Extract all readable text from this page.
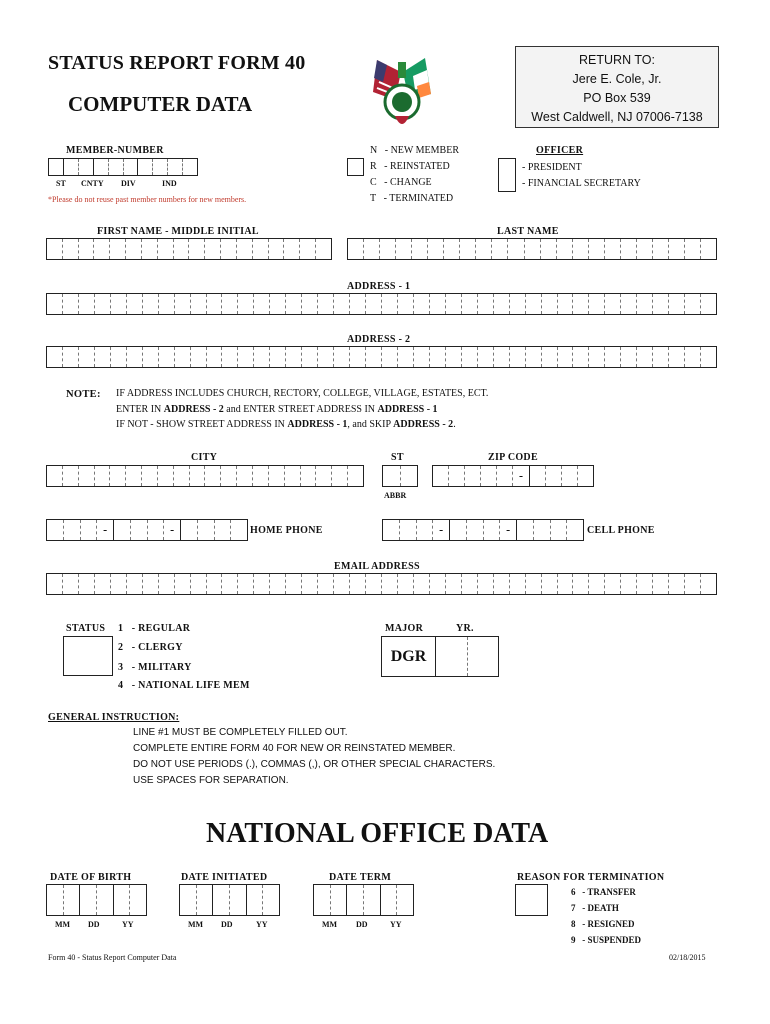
STATUS REPORT FORM 40
COMPUTER DATA
RETURN TO:
Jere E. Cole, Jr.
PO Box 539
West Caldwell, NJ 07006-7138
MEMBER-NUMBER
ST CNTY DIV	IND
*Please do not reuse past member numbers for new members.
N - NEW MEMBER
R - REINSTATED
C - CHANGE
T - TERMINATED
OFFICER
- PRESIDENT
- FINANCIAL SECRETARY
FIRST NAME - MIDDLE INITIAL	LAST NAME
ADDRESS - 1
ADDRESS - 2
NOTE: IF ADDRESS INCLUDES CHURCH, RECTORY, COLLEGE, VILLAGE, ESTATES, ECT.
ENTER IN ADDRESS - 2 and ENTER STREET ADDRESS IN ADDRESS - 1
IF NOT - SHOW STREET ADDRESS IN ADDRESS - 1, and SKIP ADDRESS - 2.
CITY	ST	ZIP CODE
ABBR
-
-	-	HOME PHONE	-	-	CELL PHONE
EMAIL ADDRESS
STATUS 1 - REGULAR
2 - CLERGY
3 - MILITARY
4 - NATIONAL LIFE MEM
MAJOR	YR.
DGR
GENERAL INSTRUCTION:
LINE #1 MUST BE COMPLETELY FILLED OUT.
COMPLETE ENTIRE FORM 40 FOR NEW OR REINSTATED MEMBER.
DO NOT USE PERIODS (.), COMMAS (,), OR OTHER SPECIAL CHARACTERS.
USE SPACES FOR SEPARATION.
NATIONAL OFFICE DATA
DATE OF BIRTH
MM DD	YY
DATE INITIATED
MM DD	YY
DATE TERM
MM DD	YY
REASON FOR TERMINATION
6 - TRANSFER
7 - DEATH
8 - RESIGNED
9 - SUSPENDED
Form 40 - Status Report Computer Data	02/18/2015
